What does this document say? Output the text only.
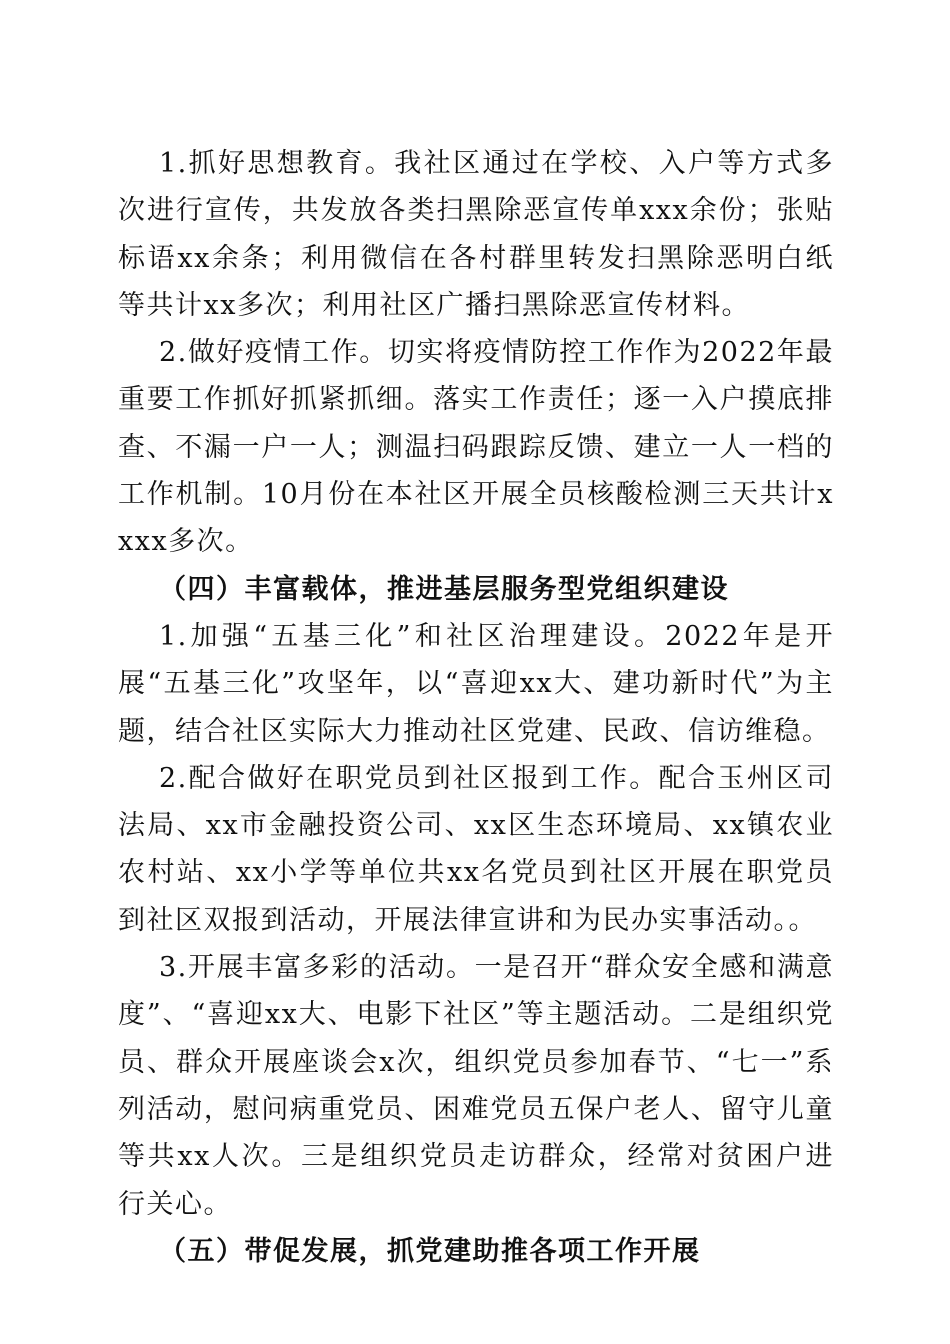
1.抓好思想教育。我社区通过在学校、入户等方式多次进行宣传，共发放各类扫黑除恶宣传单xxx余份；张贴标语xx余条；利用微信在各村群里转发扫黑除恶明白纸等共计xx多次；利用社区广播扫黑除恶宣传材料。

2.做好疫情工作。切实将疫情防控工作作为2022年最重要工作抓好抓紧抓细。落实工作责任；逐一入户摸底排查、不漏一户一人；测温扫码跟踪反馈、建立一人一档的工作机制。10月份在本社区开展全员核酸检测三天共计xxxx多次。

（四）丰富载体，推进基层服务型党组织建设

1.加强“五基三化”和社区治理建设。2022年是开展“五基三化”攻坚年，以“喜迎xx大、建功新时代”为主题，结合社区实际大力推动社区党建、民政、信访维稳。

2.配合做好在职党员到社区报到工作。配合玉州区司法局、xx市金融投资公司、xx区生态环境局、xx镇农业农村站、xx小学等单位共xx名党员到社区开展在职党员到社区双报到活动，开展法律宣讲和为民办实事活动。。

3.开展丰富多彩的活动。一是召开“群众安全感和满意度”、“喜迎xx大、电影下社区”等主题活动。二是组织党员、群众开展座谈会x次，组织党员参加春节、“七一”系列活动，慰问病重党员、困难党员五保户老人、留守儿童等共xx人次。三是组织党员走访群众，经常对贫困户进行关心。

（五）带促发展，抓党建助推各项工作开展
